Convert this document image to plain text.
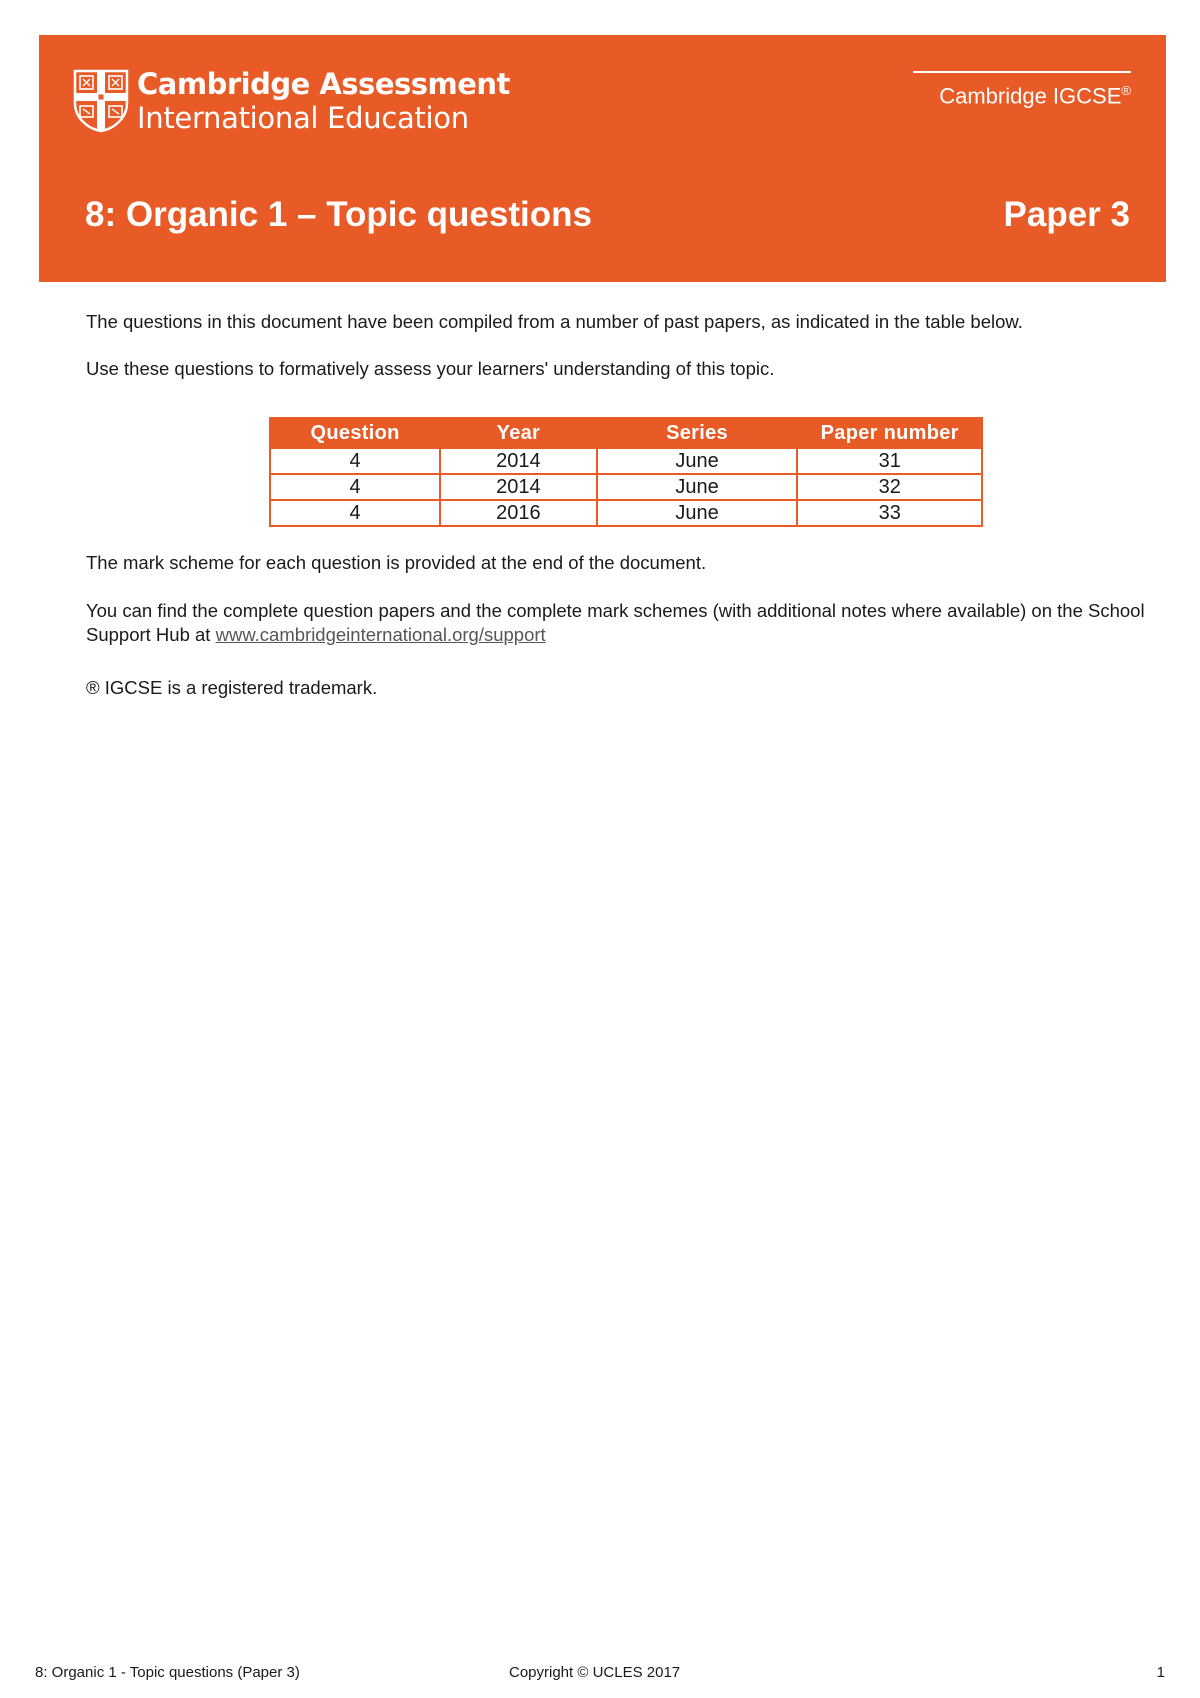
Cambridge Assessment
International Education
Cambridge IGCSE®
8: Organic 1 – Topic questions	Paper 3
The questions in this document have been compiled from a number of past papers, as indicated in the table below.
Use these questions to formatively assess your learners' understanding of this topic.
Question	Year	Series	Paper number
4	2014	June	31
4	2014	June	32
4	2016	June	33
The mark scheme for each question is provided at the end of the document.
You can find the complete question papers and the complete mark schemes (with additional notes where available) on the School Support Hub at www.cambridgeinternational.org/support
® IGCSE is a registered trademark.
8: Organic 1 - Topic questions (Paper 3)	Copyright © UCLES 2017	1
